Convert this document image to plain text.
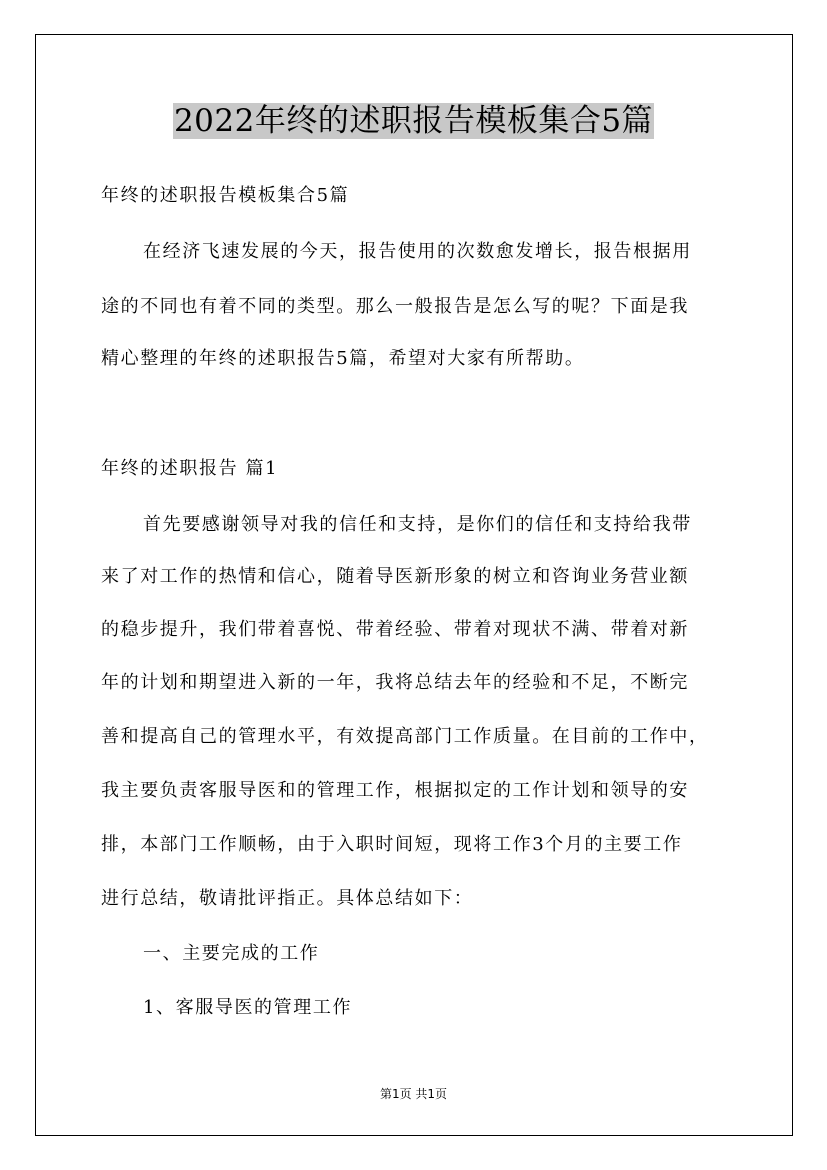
2022年终的述职报告模板集合5篇
年终的述职报告模板集合5篇
在经济飞速发展的今天，报告使用的次数愈发增长，报告根据用
途的不同也有着不同的类型。那么一般报告是怎么写的呢？下面是我
精心整理的年终的述职报告5篇，希望对大家有所帮助。
年终的述职报告 篇1
首先要感谢领导对我的信任和支持，是你们的信任和支持给我带
来了对工作的热情和信心，随着导医新形象的树立和咨询业务营业额
的稳步提升，我们带着喜悦、带着经验、带着对现状不满、带着对新
年的计划和期望进入新的一年，我将总结去年的经验和不足，不断完
善和提高自己的管理水平，有效提高部门工作质量。在目前的工作中，
我主要负责客服导医和的管理工作，根据拟定的工作计划和领导的安
排，本部门工作顺畅，由于入职时间短，现将工作3个月的主要工作
进行总结，敬请批评指正。具体总结如下：
一、主要完成的工作
1、客服导医的管理工作
第1页 共1页
